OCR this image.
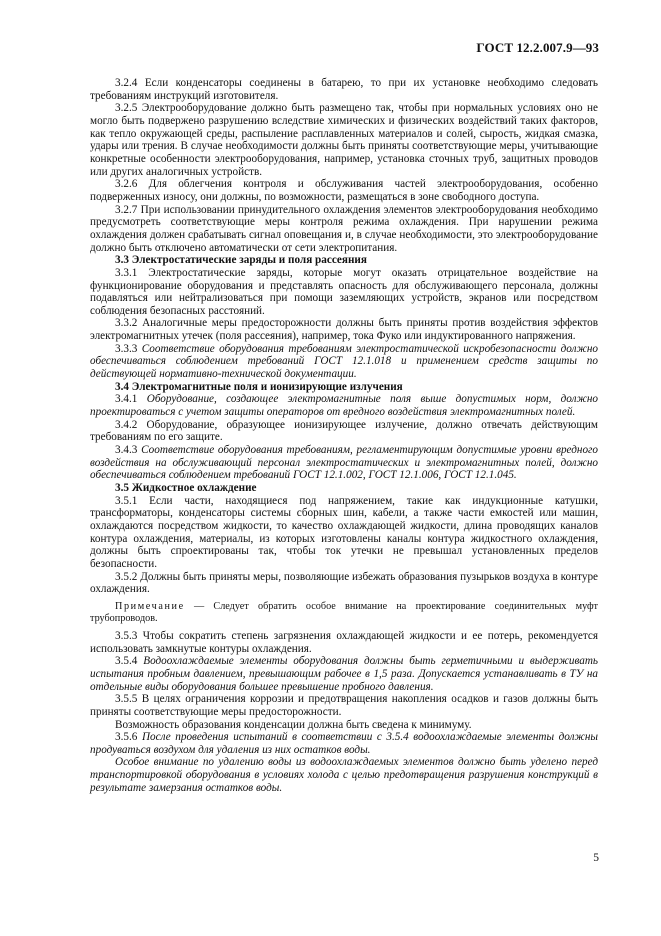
ГОСТ 12.2.007.9—93

3.2.4 Если конденсаторы соединены в батарею, то при их установке необходимо следовать требованиям инструкций изготовителя.

3.2.5 Электрооборудование должно быть размещено так, чтобы при нормальных условиях оно не могло быть подвержено разрушению вследствие химических и физических воздействий таких факторов, как тепло окружающей среды, распыление расплавленных материалов и солей, сырость, жидкая смазка, удары или трения. В случае необходимости должны быть приняты соответствующие меры, учитывающие конкретные особенности электрооборудования, например, установка сточных труб, защитных проводов или других аналогичных устройств.

3.2.6 Для облегчения контроля и обслуживания частей электрооборудования, особенно подверженных износу, они должны, по возможности, размещаться в зоне свободного доступа.

3.2.7 При использовании принудительного охлаждения элементов электрооборудования необходимо предусмотреть соответствующие меры контроля режима охлаждения. При нарушении режима охлаждения должен срабатывать сигнал оповещания и, в случае необходимости, это электрооборудование должно быть отключено автоматически от сети электропитания.

3.3 Электростатические заряды и поля рассеяния

3.3.1 Электростатические заряды, которые могут оказать отрицательное воздействие на функционирование оборудования и представлять опасность для обслуживающего персонала, должны подавляться или нейтрализоваться при помощи заземляющих устройств, экранов или посредством соблюдения безопасных расстояний.

3.3.2 Аналогичные меры предосторожности должны быть приняты против воздействия эффектов электромагнитных утечек (поля рассеяния), например, тока Фуко или индуктированного напряжения.

3.3.3 Соответствие оборудования требованиям электростатической искробезопасности должно обеспечиваться соблюдением требований ГОСТ 12.1.018 и применением средств защиты по действующей нормативно-технической документации.

3.4 Электромагнитные поля и ионизирующие излучения

3.4.1 Оборудование, создающее электромагнитные поля выше допустимых норм, должно проектироваться с учетом защиты операторов от вредного воздействия электромагнитных полей.

3.4.2 Оборудование, образующее ионизирующее излучение, должно отвечать действующим требованиям по его защите.

3.4.3 Соответствие оборудования требованиям, регламентирующим допустимые уровни вредного воздействия на обслуживающий персонал электростатических и электромагнитных полей, должно обеспечиваться соблюдением требований ГОСТ 12.1.002, ГОСТ 12.1.006, ГОСТ 12.1.045.

3.5 Жидкостное охлаждение

3.5.1 Если части, находящиеся под напряжением, такие как индукционные катушки, трансформаторы, конденсаторы системы сборных шин, кабели, а также части емкостей или машин, охлаждаются посредством жидкости, то качество охлаждающей жидкости, длина проводящих каналов контура охлаждения, материалы, из которых изготовлены каналы контура жидкостного охлаждения, должны быть спроектированы так, чтобы ток утечки не превышал установленных пределов безопасности.

3.5.2 Должны быть приняты меры, позволяющие избежать образования пузырьков воздуха в контуре охлаждения.

Примечание — Следует обратить особое внимание на проектирование соединительных муфт трубопроводов.

3.5.3 Чтобы сократить степень загрязнения охлаждающей жидкости и ее потерь, рекомендуется использовать замкнутые контуры охлаждения.

3.5.4 Водоохлаждаемые элементы оборудования должны быть герметичными и выдерживать испытания пробным давлением, превышающим рабочее в 1,5 раза. Допускается устанавливать в ТУ на отдельные виды оборудования большее превышение пробного давления.

3.5.5 В целях ограничения коррозии и предотвращения накопления осадков и газов должны быть приняты соответствующие меры предосторожности.

Возможность образования конденсации должна быть сведена к минимуму.

3.5.6 После проведения испытаний в соответствии с 3.5.4 водоохлаждаемые элементы должны продуваться воздухом для удаления из них остатков воды.

Особое внимание по удалению воды из водоохлаждаемых элементов должно быть уделено перед транспортировкой оборудования в условиях холода с целью предотвращения разрушения конструкций в результате замерзания остатков воды.

5
